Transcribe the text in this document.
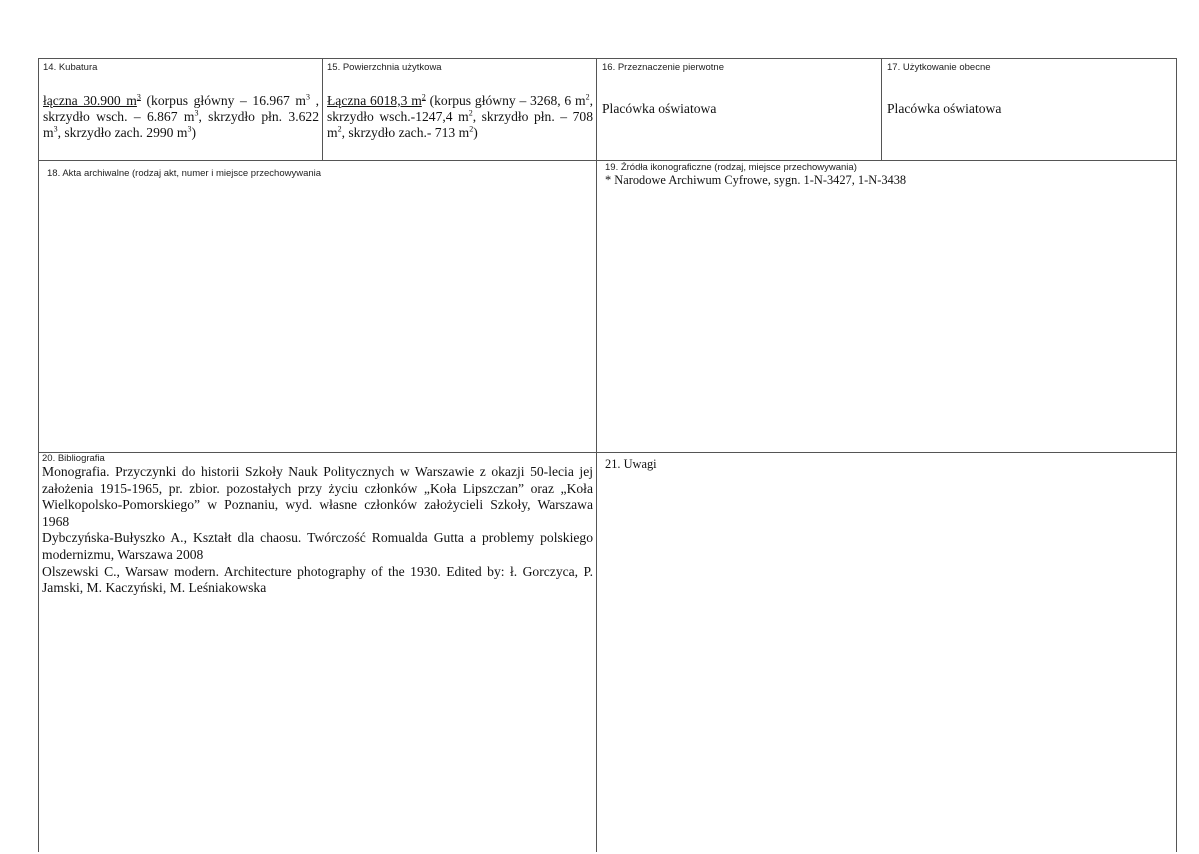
14. Kubatura
łączna 30.900 $m^3$ (korpus główny – 16.967 $m^3$ , skrzydło wsch. – 6.867 $m^3$, skrzydło płn. 3.622 $m^3$, skrzydło zach. 2990 $m^3$)
15. Powierzchnia użytkowa
Łączna 6018,3 $m^2$ (korpus główny – 3268, 6 $m^2$, skrzydło wsch.-1247,4 $m^2$, skrzydło płn. – 708 $m^2$, skrzydło zach.- 713 $m^2$)
16. Przeznaczenie pierwotne
Placówka oświatowa
17. Użytkowanie obecne
Placówka oświatowa
18. Akta archiwalne (rodzaj akt, numer i miejsce przechowywania
19. Źródła ikonograficzne (rodzaj, miejsce przechowywania)
* Narodowe Archiwum Cyfrowe, sygn. 1-N-3427, 1-N-3438
20. Bibliografia

Monografia. Przyczynki do historii Szkoły Nauk Politycznych w Warszawie z okazji 50-lecia jej założenia 1915-1965, pr. zbior. pozostałych przy życiu członków „Koła Lipszczan” oraz „Koła Wielkopolsko-Pomorskiego” w Poznaniu, wyd. własne członków założycieli Szkoły, Warszawa 1968

Dybczyńska-Bułyszko A., Kształt dla chaosu. Twórczość Romualda Gutta a problemy polskiego modernizmu, Warszawa 2008

Olszewski C., Warsaw modern. Architecture photography of the 1930. Edited by: ł. Gorczyca, P. Jamski, M. Kaczyński, M. Leśniakowska

21. Uwagi
